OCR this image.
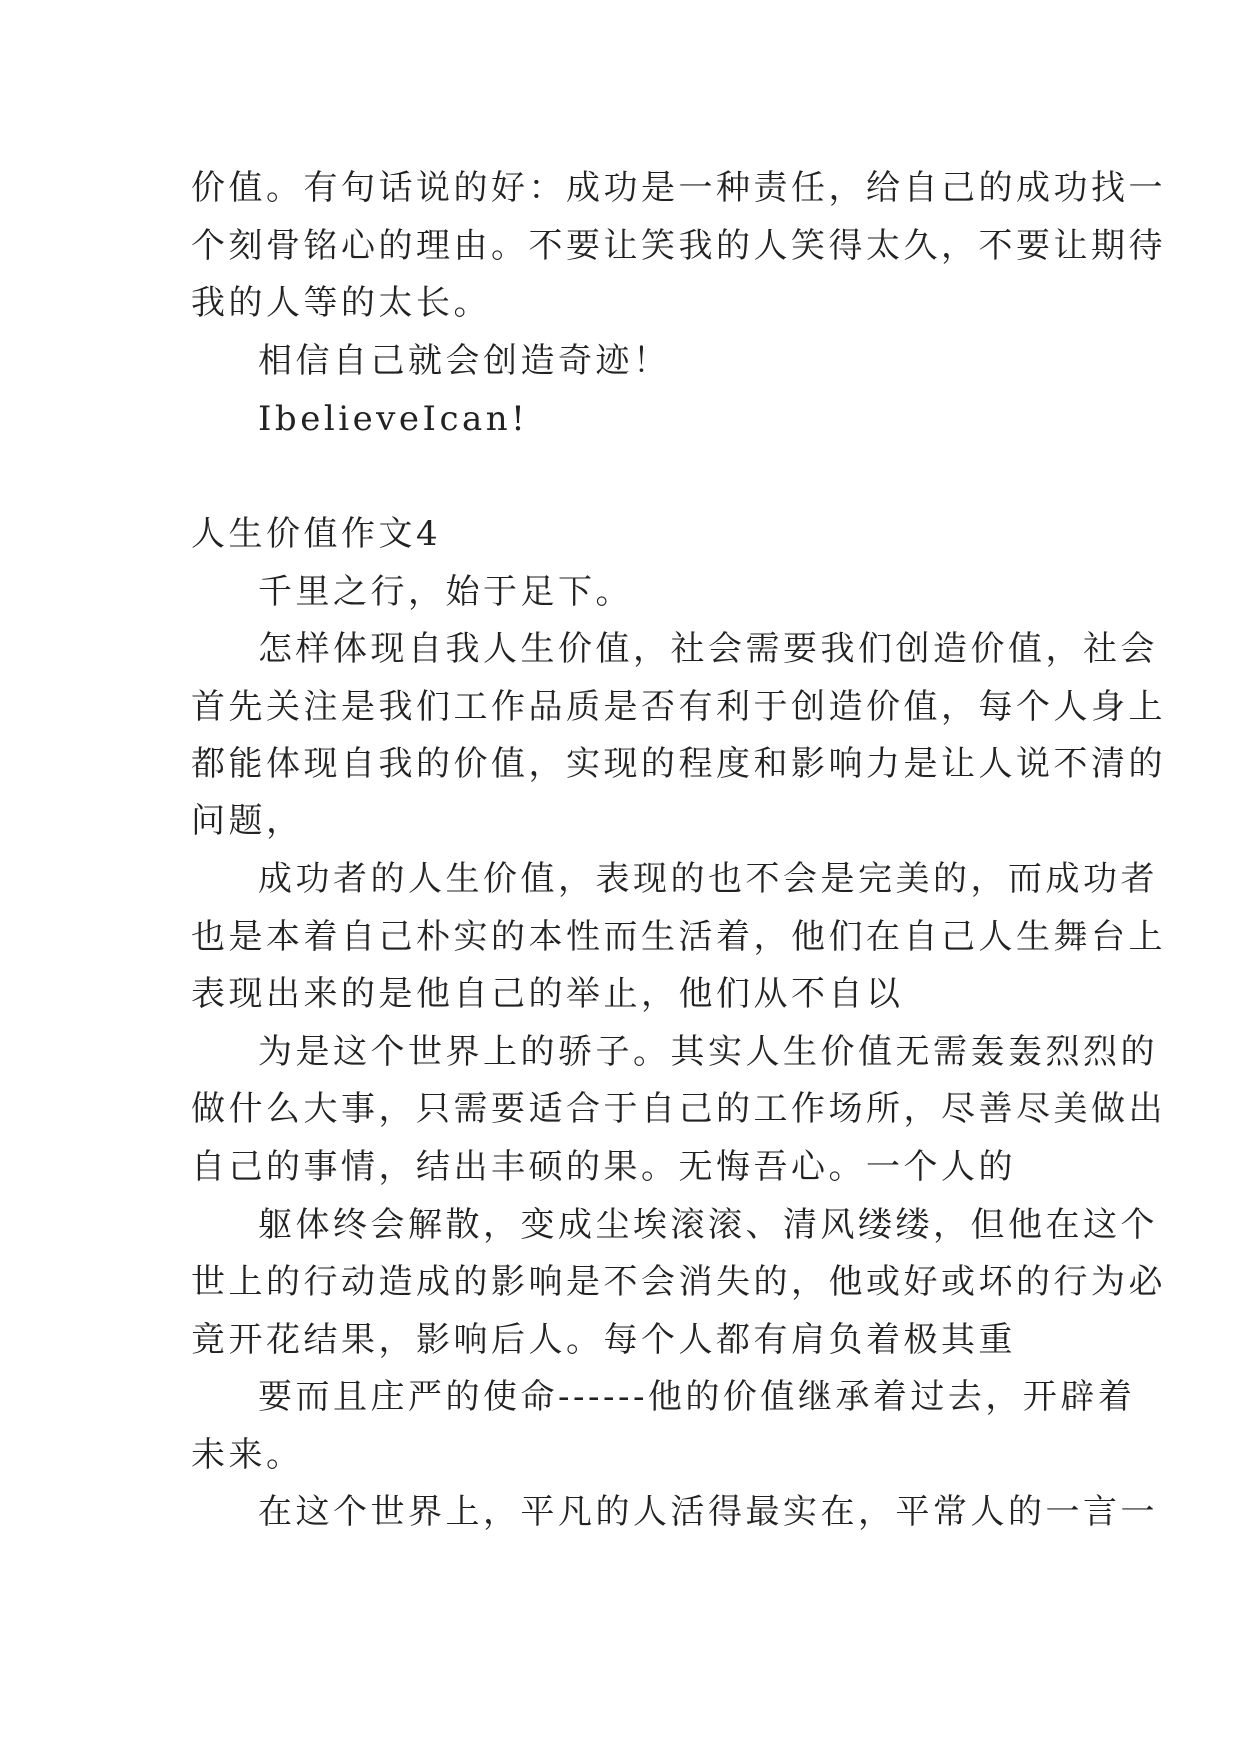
价值。有句话说的好：成功是一种责任，给自己的成功找一
个刻骨铭心的理由。不要让笑我的人笑得太久，不要让期待
我的人等的太长。
相信自己就会创造奇迹！
IbelieveIcan!
人生价值作文4
千里之行，始于足下。
怎样体现自我人生价值，社会需要我们创造价值，社会
首先关注是我们工作品质是否有利于创造价值，每个人身上
都能体现自我的价值，实现的程度和影响力是让人说不清的
问题，
成功者的人生价值，表现的也不会是完美的，而成功者
也是本着自己朴实的本性而生活着，他们在自己人生舞台上
表现出来的是他自己的举止，他们从不自以
为是这个世界上的骄子。其实人生价值无需轰轰烈烈的
做什么大事，只需要适合于自己的工作场所，尽善尽美做出
自己的事情，结出丰硕的果。无悔吾心。一个人的
躯体终会解散，变成尘埃滚滚、清风缕缕，但他在这个
世上的行动造成的影响是不会消失的，他或好或坏的行为必
竟开花结果，影响后人。每个人都有肩负着极其重
要而且庄严的使命------他的价值继承着过去，开辟着
未来。
在这个世界上，平凡的人活得最实在，平常人的一言一
